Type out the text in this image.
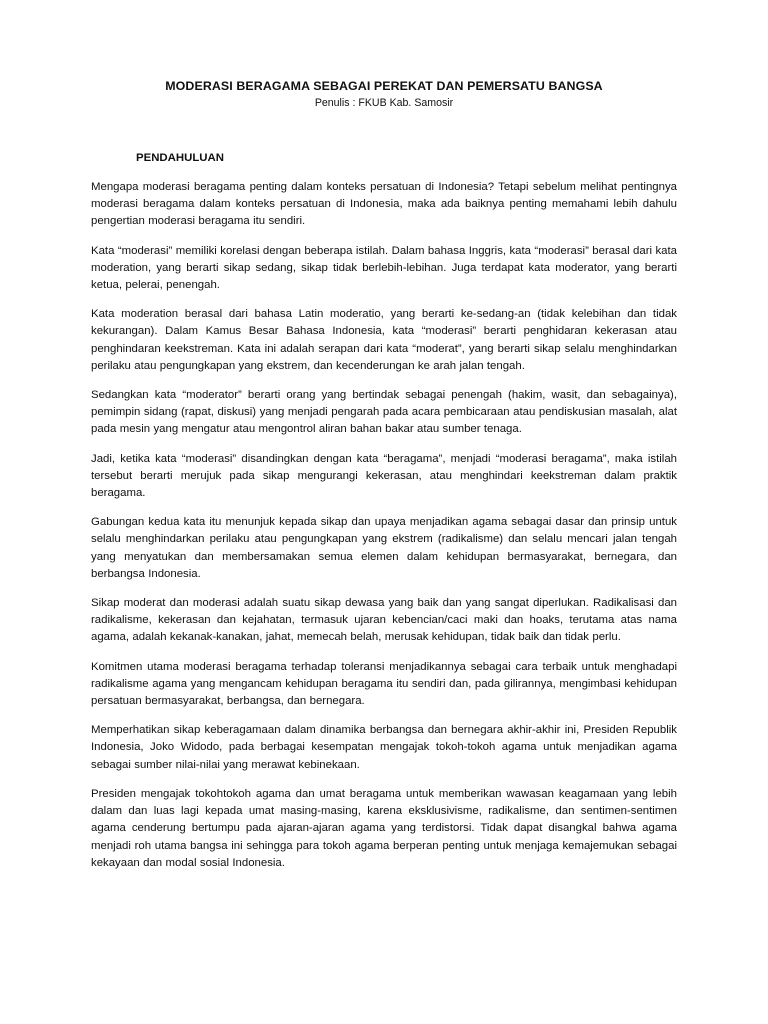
MODERASI BERAGAMA SEBAGAI PEREKAT DAN PEMERSATU BANGSA
Penulis : FKUB Kab. Samosir
PENDAHULUAN

Mengapa moderasi beragama penting dalam konteks persatuan di Indonesia? Tetapi sebelum melihat pentingnya moderasi beragama dalam konteks persatuan di Indonesia, maka ada baiknya penting memahami lebih dahulu pengertian moderasi beragama itu sendiri.

Kata “moderasi” memiliki korelasi dengan beberapa istilah. Dalam bahasa Inggris, kata “moderasi” berasal dari kata moderation, yang berarti sikap sedang, sikap tidak berlebih-lebihan. Juga terdapat kata moderator, yang berarti ketua, pelerai, penengah.

Kata moderation berasal dari bahasa Latin moderatio, yang berarti ke-sedang-an (tidak kelebihan dan tidak kekurangan). Dalam Kamus Besar Bahasa Indonesia, kata “moderasi” berarti penghidaran kekerasan atau penghindaran keekstreman. Kata ini adalah serapan dari kata “moderat”, yang berarti sikap selalu menghindarkan perilaku atau pengungkapan yang ekstrem, dan kecenderungan ke arah jalan tengah.

Sedangkan kata “moderator” berarti orang yang bertindak sebagai penengah (hakim, wasit, dan sebagainya), pemimpin sidang (rapat, diskusi) yang menjadi pengarah pada acara pembicaraan atau pendiskusian masalah, alat pada mesin yang mengatur atau mengontrol aliran bahan bakar atau sumber tenaga.

Jadi, ketika kata “moderasi” disandingkan dengan kata “beragama”, menjadi “moderasi beragama”, maka istilah tersebut berarti merujuk pada sikap mengurangi kekerasan, atau menghindari keekstreman dalam praktik beragama.

Gabungan kedua kata itu menunjuk kepada sikap dan upaya menjadikan agama sebagai dasar dan prinsip untuk selalu menghindarkan perilaku atau pengungkapan yang ekstrem (radikalisme) dan selalu mencari jalan tengah yang menyatukan dan membersamakan semua elemen dalam kehidupan bermasyarakat, bernegara, dan berbangsa Indonesia.

Sikap moderat dan moderasi adalah suatu sikap dewasa yang baik dan yang sangat diperlukan. Radikalisasi dan radikalisme, kekerasan dan kejahatan, termasuk ujaran kebencian/caci maki dan hoaks, terutama atas nama agama, adalah kekanak-kanakan, jahat, memecah belah, merusak kehidupan, tidak baik dan tidak perlu.

Komitmen utama moderasi beragama terhadap toleransi menjadikannya sebagai cara terbaik untuk menghadapi radikalisme agama yang mengancam kehidupan beragama itu sendiri dan, pada gilirannya, mengimbasi kehidupan persatuan bermasyarakat, berbangsa, dan bernegara.

Memperhatikan sikap keberagamaan dalam dinamika berbangsa dan bernegara akhir-akhir ini, Presiden Republik Indonesia, Joko Widodo, pada berbagai kesempatan mengajak tokoh-tokoh agama untuk menjadikan agama sebagai sumber nilai-nilai yang merawat kebinekaan.

Presiden mengajak tokohtokoh agama dan umat beragama untuk memberikan wawasan keagamaan yang lebih dalam dan luas lagi kepada umat masing-masing, karena eksklusivisme, radikalisme, dan sentimen-sentimen agama cenderung bertumpu pada ajaran-ajaran agama yang terdistorsi. Tidak dapat disangkal bahwa agama menjadi roh utama bangsa ini sehingga para tokoh agama berperan penting untuk menjaga kemajemukan sebagai kekayaan dan modal sosial Indonesia.
